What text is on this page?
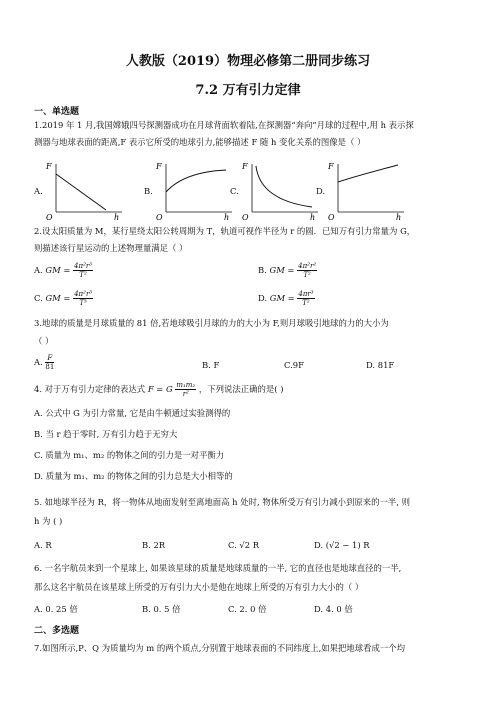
人教版（2019）物理必修第二册同步练习
7.2 万有引力定律
一、单选题
1.2019 年 1 月,我国嫦娥四号探测器成功在月球背面软着陆,在探测器“奔向”月球的过程中,用 h 表示探
测器与地球表面的距离,F 表示它所受的地球引力,能够描述 F 随 h 变化关系的图像是（ ）
A.
F
O	h
B.
F
O	h
C.
F
O	h
D.
F
O	h
2.设太阳质量为 M，某行星绕太阳公转周期为 T，轨道可视作半径为 r 的圆．已知万有引力常量为 G，
则描述该行星运动的上述物理量满足（ ）
A. GM = $\frac{\text{4π²r³}}{\text{T²}}$	B. GM = $\frac{\text{4π²r²}}{\text{T²}}$
C. GM = $\frac{\text{4π²r³}}{\text{T³}}$	D. GM = $\frac{\text{4πr³}}{\text{T²}}$
3.地球的质量是月球质量的 81 倍,若地球吸引月球的力的大小为 F,则月球吸引地球的力的大小为
（ ）
A. $\frac{F}{81}$	B. F	C.9F	D. 81F
4. 对于万有引力定律的表达式 F = G $\frac{\text{m₁m₂}}{\text{r²}}$ ，下列说法正确的是( )
A. 公式中 G 为引力常量, 它是由牛顿通过实验测得的
B. 当 r 趋于零时, 万有引力趋于无穷大
C. 质量为 m₁、m₂ 的物体之间的引力是一对平衡力
D. 质量为 m₁、m₂ 的物体之间的引力总是大小相等的
5. 如地球半径为 R，将一物体从地面发射至离地面高 h 处时, 物体所受万有引力减小到原来的一半, 则
h 为 ( )
A. R	B. 2R	C. √2 R	D. (√2 − 1) R
6. 一名宇航员来到一个星球上, 如果该星球的质量是地球质量的一半, 它的直径也是地球直径的一半,
那么这名宇航员在该星球上所受的万有引力大小是他在地球上所受的万有引力大小的（ ）
A. 0. 25 倍	B. 0. 5 倍	C. 2. 0 倍	D. 4. 0 倍
二、多选题
7.如图所示,P、Q 为质量均为 m 的两个质点,分别置于地球表面的不同纬度上,如果把地球看成一个均
